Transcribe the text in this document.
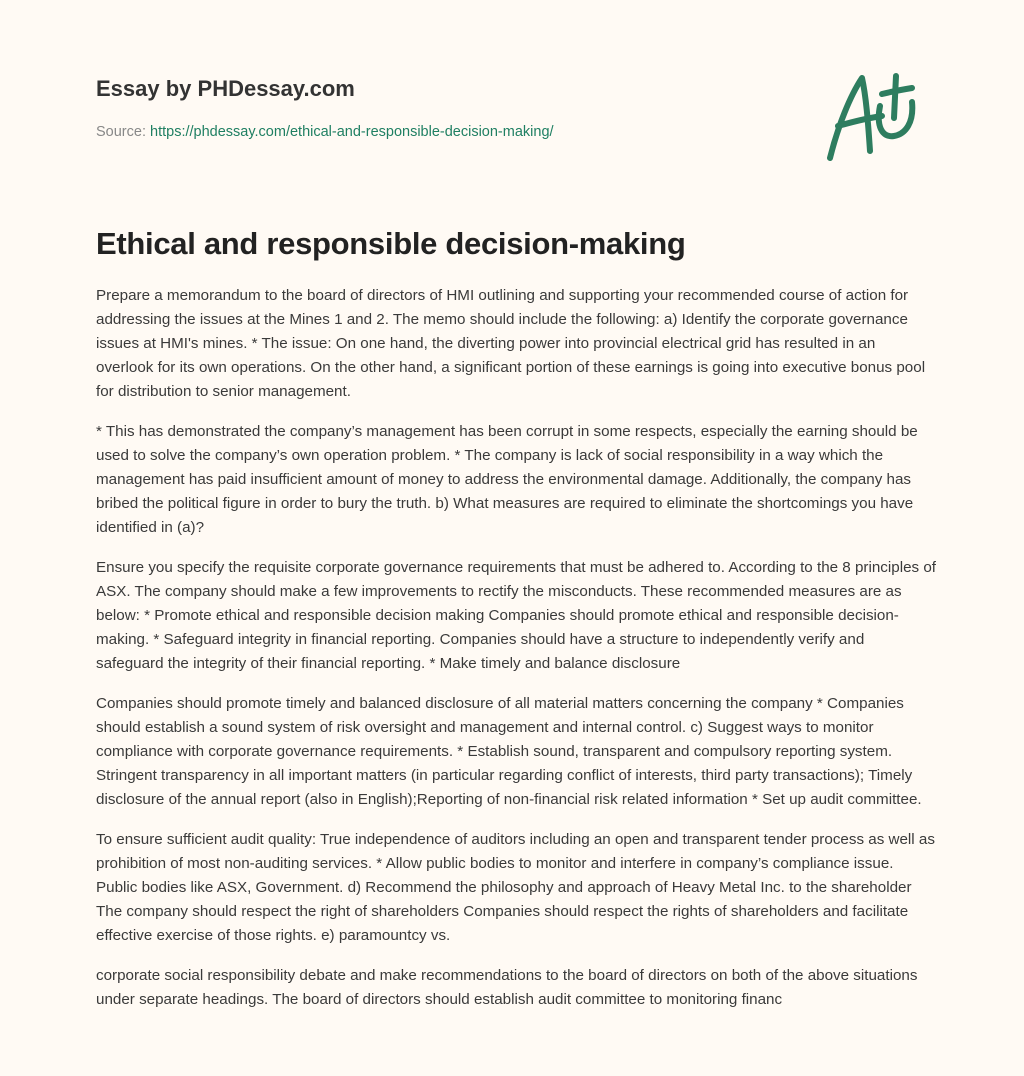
Essay by PHDessay.com
Source: https://phdessay.com/ethical-and-responsible-decision-making/
Ethical and responsible decision-making

Prepare a memorandum to the board of directors of HMI outlining and supporting your recommended course of action for addressing the issues at the Mines 1 and 2. The memo should include the following: a) Identify the corporate governance issues at HMI's mines. * The issue: On one hand, the diverting power into provincial electrical grid has resulted in an overlook for its own operations. On the other hand, a significant portion of these earnings is going into executive bonus pool for distribution to senior management.

* This has demonstrated the company’s management has been corrupt in some respects, especially the earning should be used to solve the company’s own operation problem. * The company is lack of social responsibility in a way which the management has paid insufficient amount of money to address the environmental damage. Additionally, the company has bribed the political figure in order to bury the truth. b) What measures are required to eliminate the shortcomings you have identified in (a)?

Ensure you specify the requisite corporate governance requirements that must be adhered to. According to the 8 principles of ASX. The company should make a few improvements to rectify the misconducts. These recommended measures are as below: * Promote ethical and responsible decision making Companies should promote ethical and responsible decision-making. * Safeguard integrity in financial reporting. Companies should have a structure to independently verify and safeguard the integrity of their financial reporting. * Make timely and balance disclosure

Companies should promote timely and balanced disclosure of all material matters concerning the company * Companies should establish a sound system of risk oversight and management and internal control. c) Suggest ways to monitor compliance with corporate governance requirements. * Establish sound, transparent and compulsory reporting system. Stringent transparency in all important matters (in particular regarding conflict of interests, third party transactions); Timely disclosure of the annual report (also in English);Reporting of non-financial risk related information * Set up audit committee.

To ensure sufficient audit quality: True independence of auditors including an open and transparent tender process as well as prohibition of most non-auditing services. * Allow public bodies to monitor and interfere in company’s compliance issue. Public bodies like ASX, Government. d) Recommend the philosophy and approach of Heavy Metal Inc. to the shareholder The company should respect the right of shareholders Companies should respect the rights of shareholders and facilitate effective exercise of those rights. e) paramountcy vs.

corporate social responsibility debate and make recommendations to the board of directors on both of the above situations under separate headings. The board of directors should establish audit committee to monitoring financ
